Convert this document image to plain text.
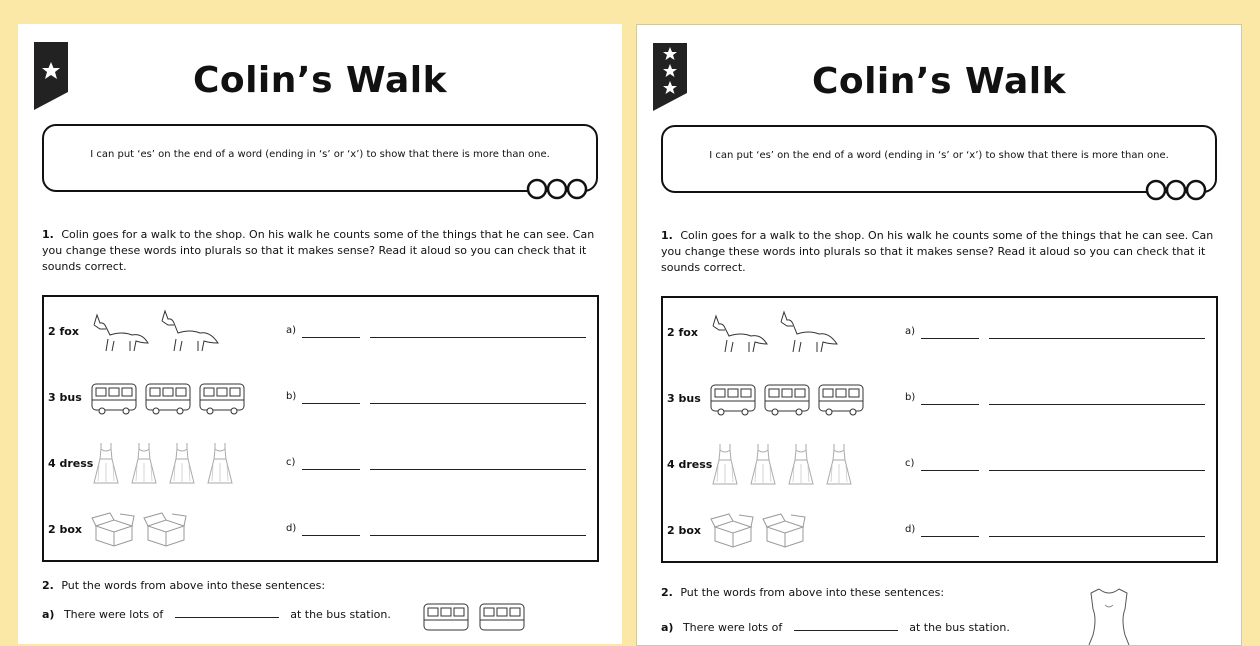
Colin’s Walk
I can put ‘es’ on the end of a word (ending in ‘s’ or ‘x’) to show that there is more than one.
1. Colin goes for a walk to the shop. On his walk he counts some of the things that he can see. Can you change these words into plurals so that it makes sense? Read it aloud so you can check that it sounds correct.
2 fox	a)
3 bus	b)
4 dress	c)
2 box	d)
2. Put the words from above into these sentences:
a) There were lots of	at the bus station.
Colin’s Walk
I can put ‘es’ on the end of a word (ending in ‘s’ or ‘x’) to show that there is more than one.
1. Colin goes for a walk to the shop. On his walk he counts some of the things that he can see. Can you change these words into plurals so that it makes sense? Read it aloud so you can check that it sounds correct.
2 fox	a)
3 bus	b)
4 dress	c)
2 box	d)
2. Put the words from above into these sentences:
a) There were lots of	at the bus station.
